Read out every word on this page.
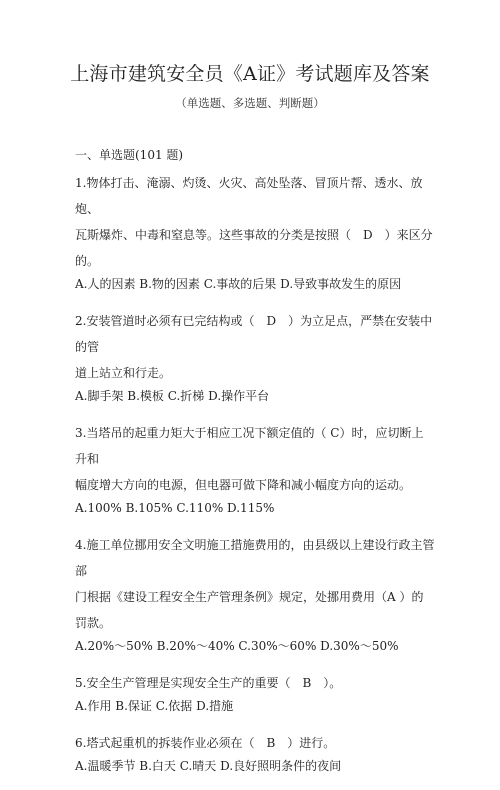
上海市建筑安全员《A证》考试题库及答案
（单选题、多选题、判断题）
一、单选题(101 题)

1.物体打击、淹溺、灼烫、火灾、高处坠落、冒顶片帮、透水、放炮、

瓦斯爆炸、中毒和窒息等。这些事故的分类是按照（　D　）来区分的。

A.人的因素 B.物的因素 C.事故的后果 D.导致事故发生的原因

2.安装管道时必须有已完结构或（　D　）为立足点，严禁在安装中的管

道上站立和行走。

A.脚手架 B.模板 C.折梯 D.操作平台

3.当塔吊的起重力矩大于相应工况下额定值的（ C）时，应切断上升和

幅度增大方向的电源，但电器可做下降和减小幅度方向的运动。

A.100% B.105% C.110% D.115%

4.施工单位挪用安全文明施工措施费用的，由县级以上建设行政主管部

门根据《建设工程安全生产管理条例》规定，处挪用费用（A ）的罚款。

A.20%～50% B.20%～40% C.30%～60% D.30%～50%

5.安全生产管理是实现安全生产的重要（　B　）。

A.作用 B.保证 C.依据 D.措施

6.塔式起重机的拆装作业必须在（　B　）进行。

A.温暖季节 B.白天 C.晴天 D.良好照明条件的夜间
